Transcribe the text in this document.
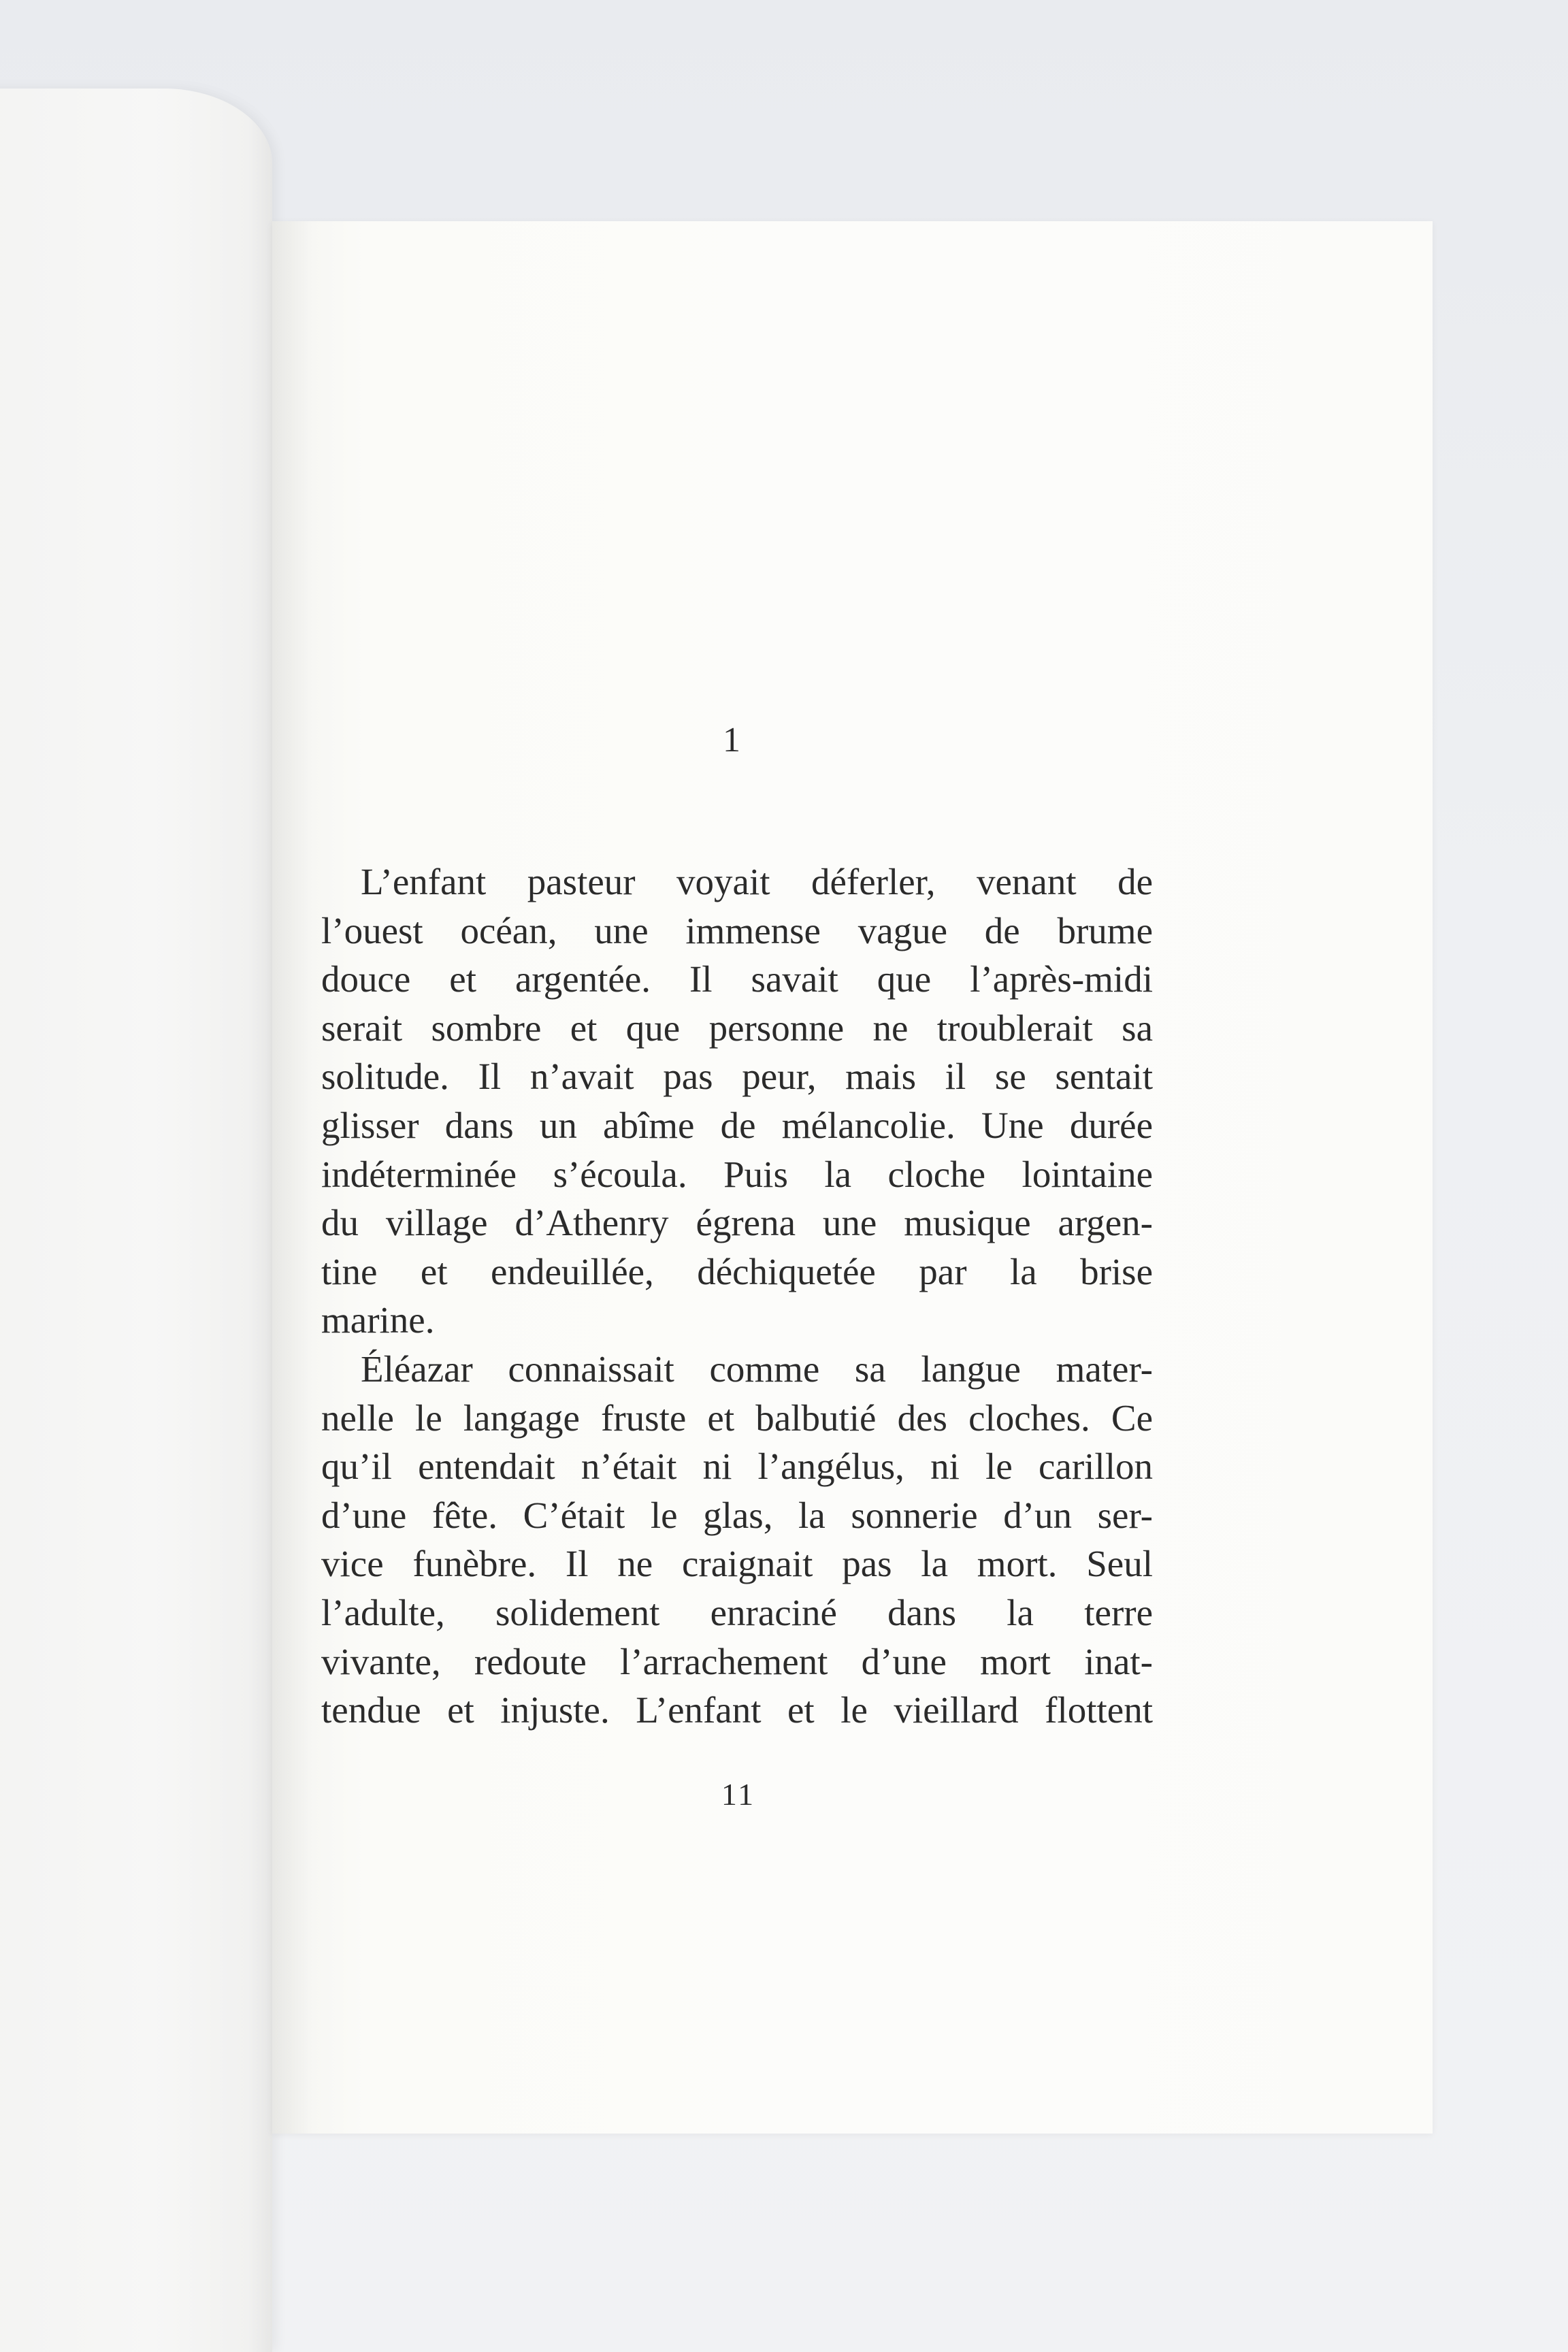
1
L’enfant pasteur voyait déferler, venant de
l’ouest océan, une immense vague de brume
douce et argentée. Il savait que l’après-midi
serait sombre et que personne ne troublerait sa
solitude. Il n’avait pas peur, mais il se sentait
glisser dans un abîme de mélancolie. Une durée
indéterminée s’écoula. Puis la cloche lointaine
du village d’Athenry égrena une musique argen-
tine et endeuillée, déchiquetée par la brise
marine.
Éléazar connaissait comme sa langue mater-
nelle le langage fruste et balbutié des cloches. Ce
qu’il entendait n’était ni l’angélus, ni le carillon
d’une fête. C’était le glas, la sonnerie d’un ser-
vice funèbre. Il ne craignait pas la mort. Seul
l’adulte, solidement enraciné dans la terre
vivante, redoute l’arrachement d’une mort inat-
tendue et injuste. L’enfant et le vieillard flottent
11
